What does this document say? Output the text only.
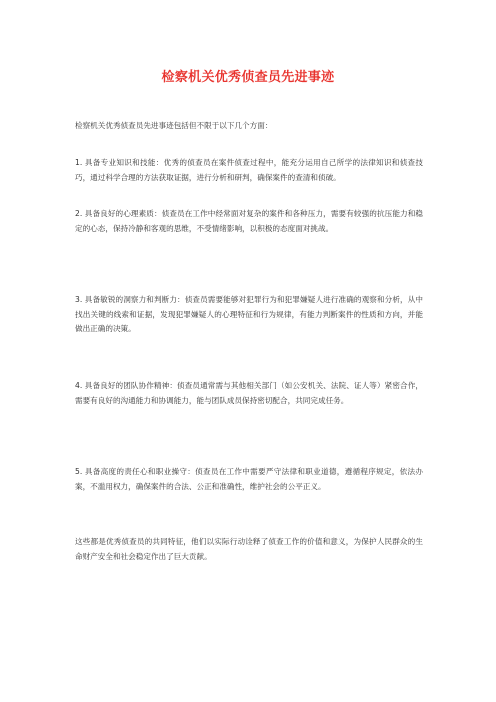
检察机关优秀侦查员先进事迹
检察机关优秀侦查员先进事迹包括但不限于以下几个方面：

1. 具备专业知识和技能：优秀的侦查员在案件侦查过程中，能充分运用自己所学的法律知识和侦查技巧，通过科学合理的方法获取证据，进行分析和研判，确保案件的查清和侦破。

2. 具备良好的心理素质：侦查员在工作中经常面对复杂的案件和各种压力，需要有较强的抗压能力和稳定的心态，保持冷静和客观的思维，不受情绪影响，以积极的态度面对挑战。

3. 具备敏锐的洞察力和判断力：侦查员需要能够对犯罪行为和犯罪嫌疑人进行准确的观察和分析，从中找出关键的线索和证据，发现犯罪嫌疑人的心理特征和行为规律，有能力判断案件的性质和方向，并能做出正确的决策。

4. 具备良好的团队协作精神：侦查员通常需与其他相关部门（如公安机关、法院、证人等）紧密合作，需要有良好的沟通能力和协调能力，能与团队成员保持密切配合，共同完成任务。

5. 具备高度的责任心和职业操守：侦查员在工作中需要严守法律和职业道德，遵循程序规定，依法办案，不滥用权力，确保案件的合法、公正和准确性，维护社会的公平正义。

这些都是优秀侦查员的共同特征，他们以实际行动诠释了侦查工作的价值和意义，为保护人民群众的生命财产安全和社会稳定作出了巨大贡献。
